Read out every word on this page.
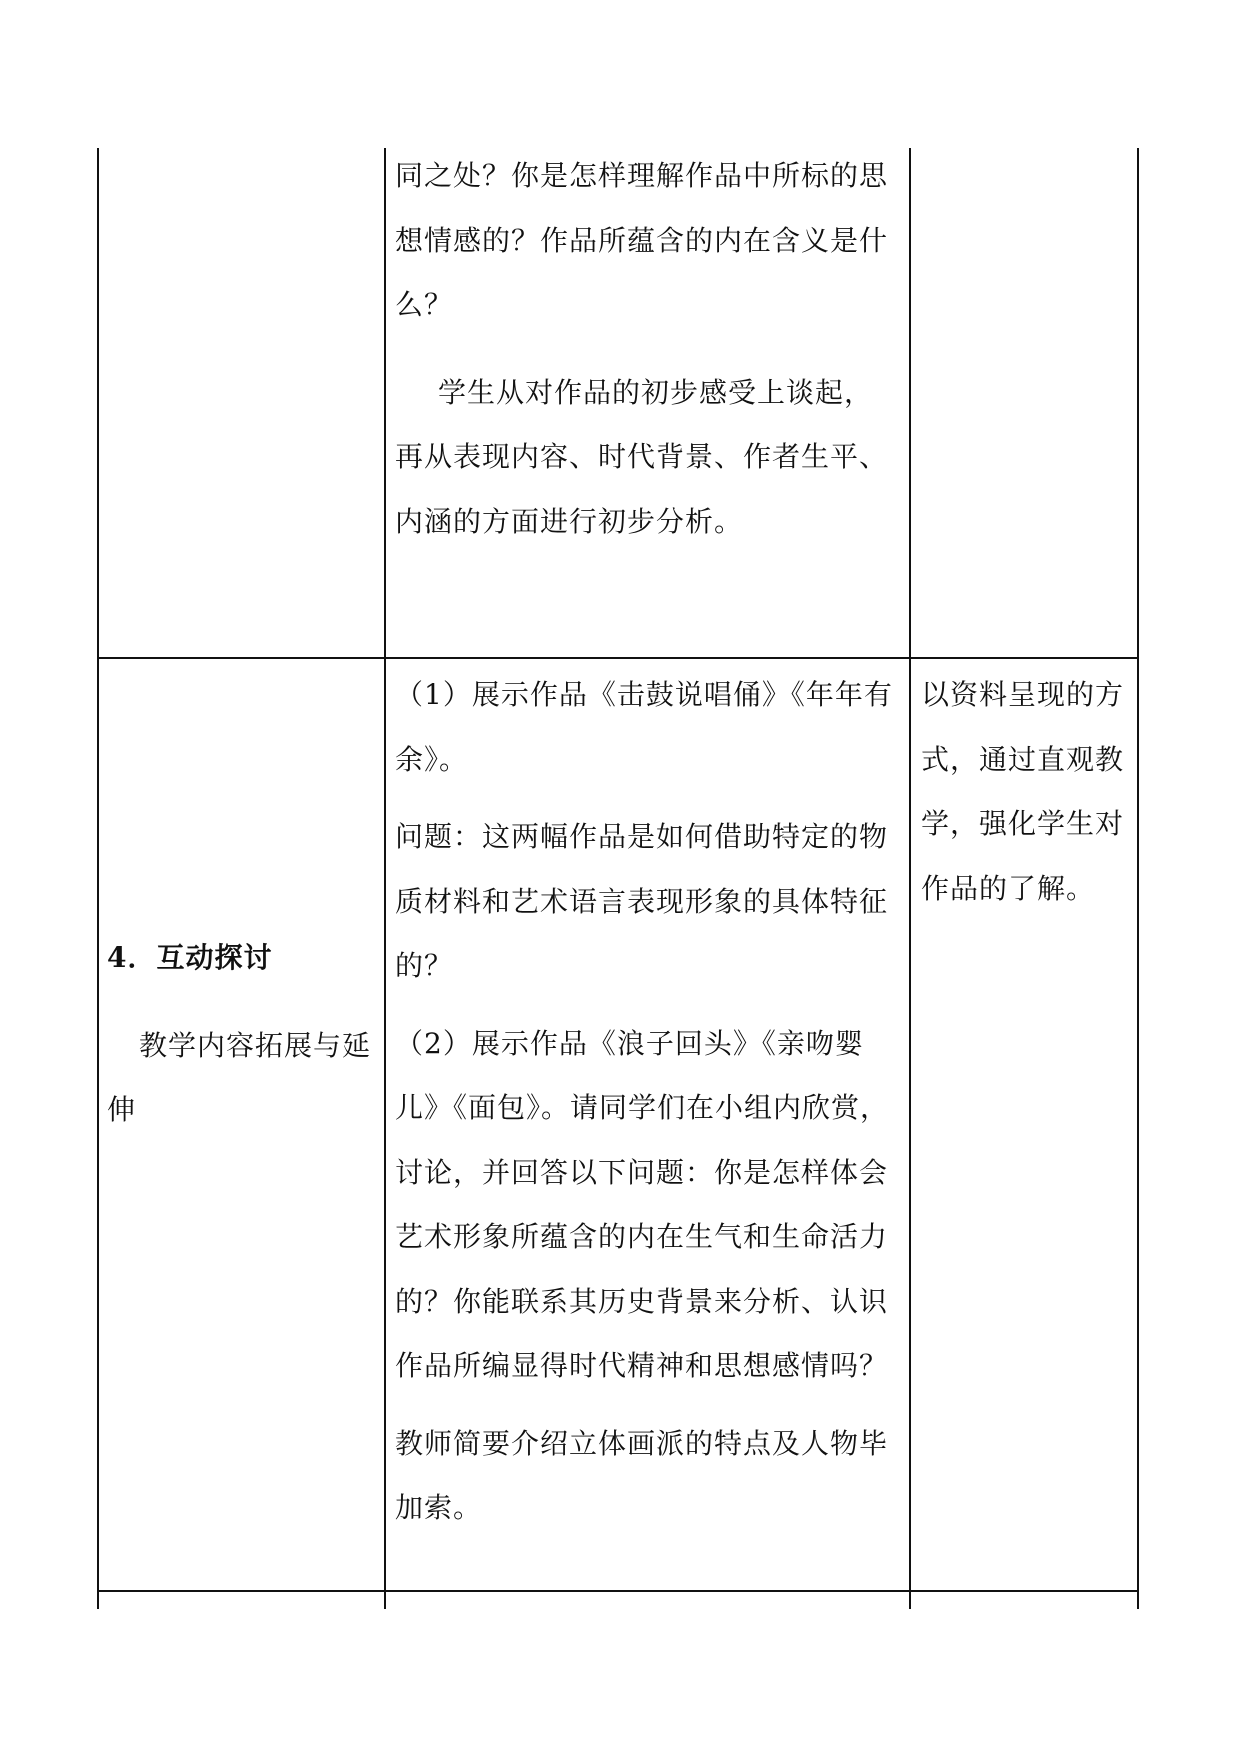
同之处？你是怎样理解作品中所标的思想情感的？作品所蕴含的内在含义是什么？

学生从对作品的初步感受上谈起，再从表现内容、时代背景、作者生平、内涵的方面进行初步分析。

4．互动探讨

教学内容拓展与延伸

（1）展示作品《击鼓说唱俑》《年年有余》。

问题：这两幅作品是如何借助特定的物质材料和艺术语言表现形象的具体特征的？

（2）展示作品《浪子回头》《亲吻婴儿》《面包》。请同学们在小组内欣赏，讨论，并回答以下问题：你是怎样体会艺术形象所蕴含的内在生气和生命活力的？你能联系其历史背景来分析、认识作品所编显得时代精神和思想感情吗？

教师简要介绍立体画派的特点及人物毕加索。

以资料呈现的方式，通过直观教学，强化学生对作品的了解。
